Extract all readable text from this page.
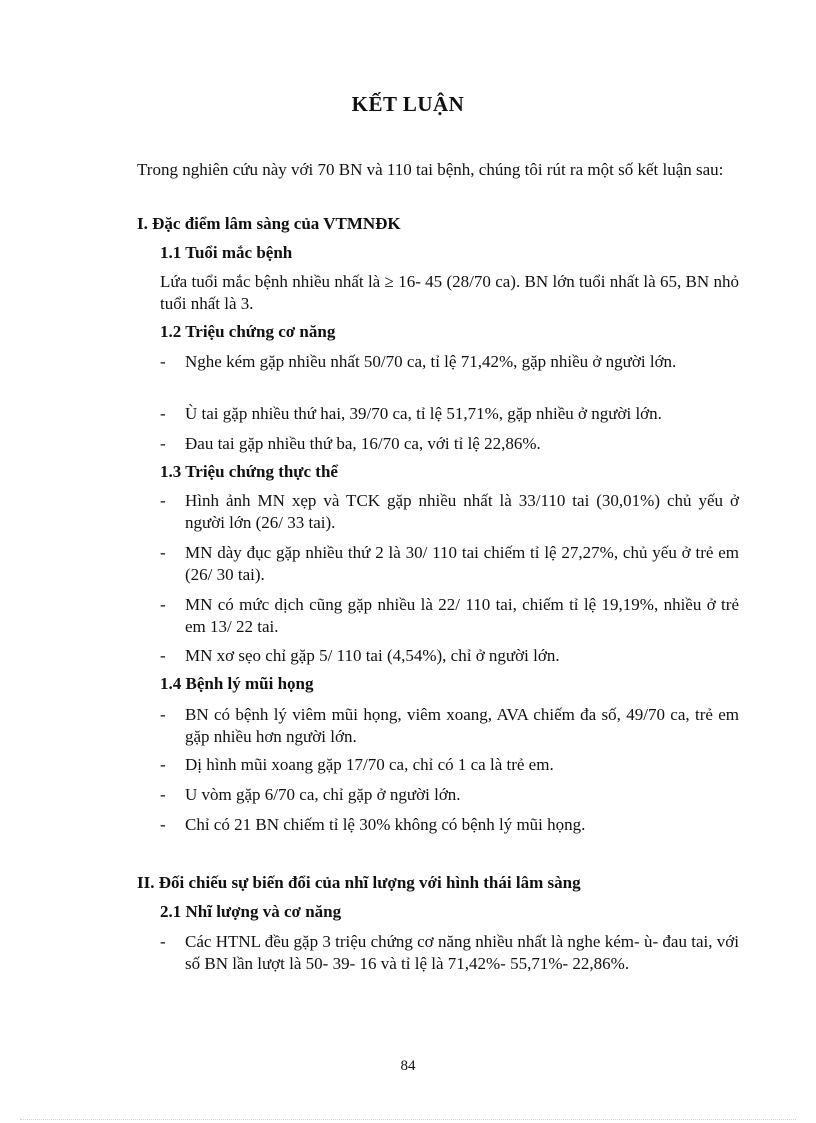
KẾT LUẬN
Trong nghiên cứu này với 70 BN và 110 tai bệnh, chúng tôi rút ra một số kết luận sau:
I. Đặc điểm lâm sàng của VTMNĐK
1.1 Tuổi mắc bệnh
Lứa tuổi mắc bệnh nhiều nhất là ≥ 16- 45 (28/70 ca). BN lớn tuổi nhất là 65, BN nhỏ tuổi nhất là 3.
1.2 Triệu chứng cơ năng
- Nghe kém gặp nhiều nhất 50/70 ca, tỉ lệ 71,42%, gặp nhiều ở người lớn.
- Ù tai gặp nhiều thứ hai, 39/70 ca, tỉ lệ 51,71%, gặp nhiều ở người lớn.
- Đau tai gặp nhiều thứ ba, 16/70 ca, với tỉ lệ 22,86%.
1.3 Triệu chứng thực thể
- Hình ảnh MN xẹp và TCK gặp nhiều nhất là 33/110 tai (30,01%) chủ yếu ở người lớn (26/ 33 tai).
- MN dày đục gặp nhiều thứ 2 là 30/ 110 tai chiếm tỉ lệ 27,27%, chủ yếu ở trẻ em (26/ 30 tai).
- MN có mức dịch cũng gặp nhiều là 22/ 110 tai, chiếm tỉ lệ 19,19%, nhiều ở trẻ em 13/ 22 tai.
- MN xơ sẹo chỉ gặp 5/ 110 tai (4,54%), chỉ ở người lớn.
1.4 Bệnh lý mũi họng
- BN có bệnh lý viêm mũi họng, viêm xoang, AVA chiếm đa số, 49/70 ca, trẻ em gặp nhiều hơn người lớn.
- Dị hình mũi xoang gặp 17/70 ca, chỉ có 1 ca là trẻ em.
- U vòm gặp 6/70 ca, chỉ gặp ở người lớn.
- Chỉ có 21 BN chiếm tỉ lệ 30% không có bệnh lý mũi họng.
II. Đối chiếu sự biến đổi của nhĩ lượng với hình thái lâm sàng
2.1 Nhĩ lượng và cơ năng
- Các HTNL đều gặp 3 triệu chứng cơ năng nhiều nhất là nghe kém- ù- đau tai, với số BN lần lượt là 50- 39- 16 và tỉ lệ là 71,42%- 55,71%- 22,86%.
84
